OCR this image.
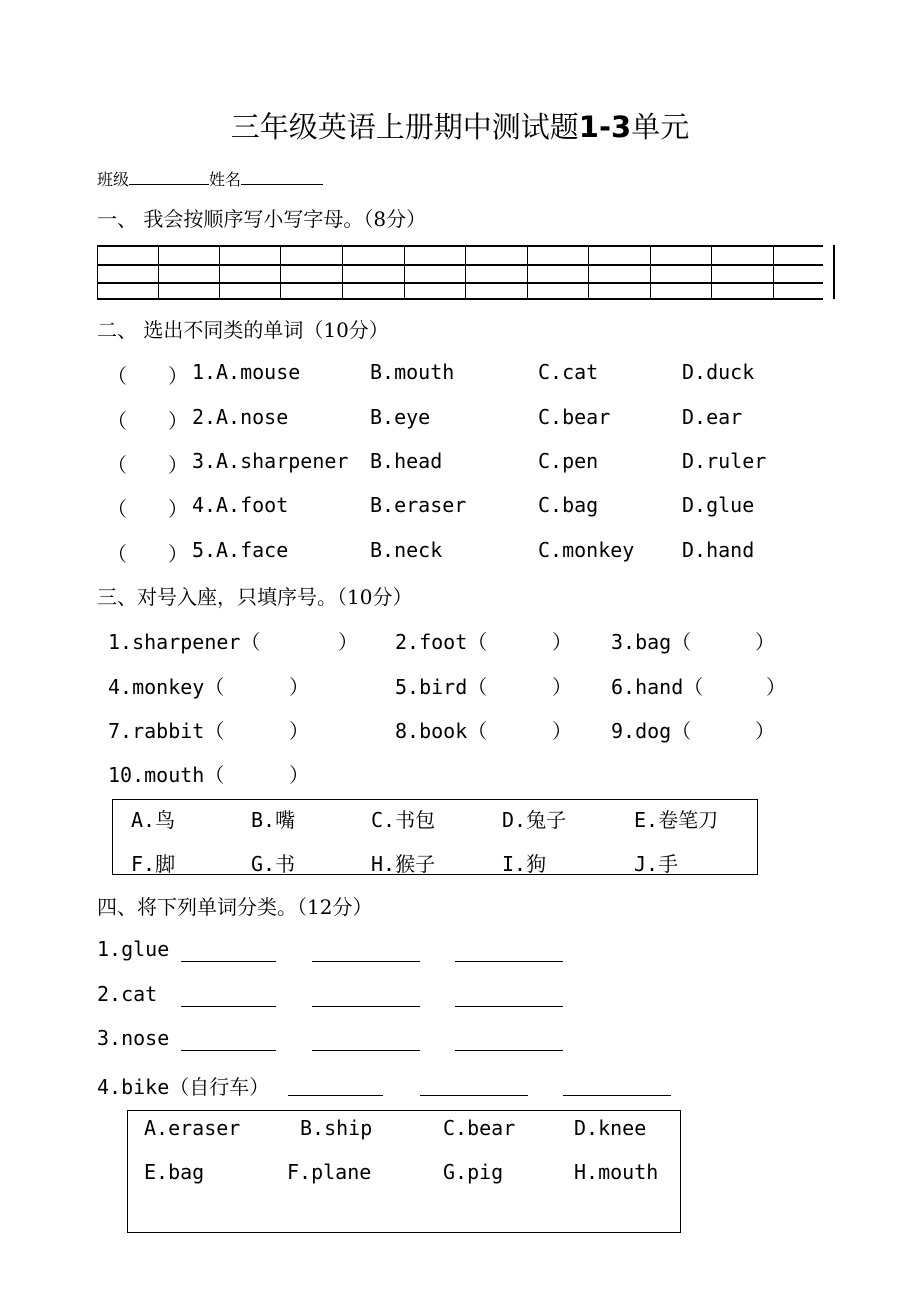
三年级英语上册期中测试题1-3单元
班级	姓名
一、 我会按顺序写小写字母。（8分）
二、 选出不同类的单词（10分）
（ ） 1. A.mouse	B.mouth	C.cat	D.duck
（ ） 2. A.nose	B.eye	C.bear	D.ear
（ ） 3. A.sharpener B.head	C.pen	D.ruler
（ ） 4. A.foot	B.eraser	C.bag	D.glue
（ ） 5. A.face	B.neck	C.monkey D.hand
三、对号入座，只填序号。（10分）
1.sharpener（	） 2.foot（	） 3.bag（	）
4.monkey（	）	5.bird（	） 6.hand（	）
7.rabbit（	）	8.book（	） 9.dog（	）
10.mouth（	）
A.鸟	B.嘴	C.书包	D.兔子	E.卷笔刀
F.脚	G.书	H.猴子	I.狗	J.手
四、将下列单词分类。（12分）
1.glue
2.cat
3.nose
4.bike（自行车）
A.eraser	B.ship	C.bear	D.knee
E.bag	F.plane	G.pig	H.mouth
